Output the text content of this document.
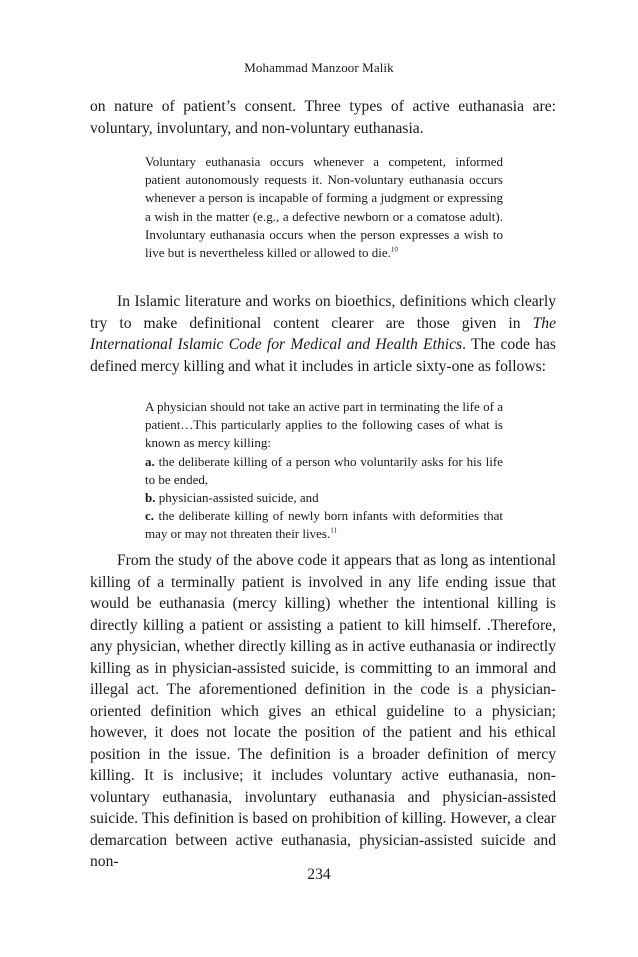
Mohammad Manzoor Malik

on nature of patient’s consent. Three types of active euthanasia are: voluntary, involuntary, and non-voluntary euthanasia.

Voluntary euthanasia occurs whenever a competent, informed patient autonomously requests it. Non-voluntary euthanasia occurs whenever a person is incapable of forming a judgment or expressing a wish in the matter (e.g., a defective newborn or a comatose adult). Involuntary euthanasia occurs when the person expresses a wish to live but is nevertheless killed or allowed to die.$^{10}$

In Islamic literature and works on bioethics, definitions which clearly try to make definitional content clearer are those given in The International Islamic Code for Medical and Health Ethics. The code has defined mercy killing and what it includes in article sixty-one as follows:

A physician should not take an active part in terminating the life of a patient…This particularly applies to the following cases of what is known as mercy killing:
a. the deliberate killing of a person who voluntarily asks for his life to be ended,
b. physician-assisted suicide, and
c. the deliberate killing of newly born infants with deformities that may or may not threaten their lives.$^{11}$

From the study of the above code it appears that as long as intentional killing of a terminally patient is involved in any life ending issue that would be euthanasia (mercy killing) whether the intentional killing is directly killing a patient or assisting a patient to kill himself. .Therefore, any physician, whether directly killing as in active euthanasia or indirectly killing as in physician-assisted suicide, is committing to an immoral and illegal act. The aforementioned definition in the code is a physician-oriented definition which gives an ethical guideline to a physician; however, it does not locate the position of the patient and his ethical position in the issue. The definition is a broader definition of mercy killing. It is inclusive; it includes voluntary active euthanasia, non-voluntary euthanasia, involuntary euthanasia and physician-assisted suicide. This definition is based on prohibition of killing. However, a clear demarcation between active euthanasia, physician-assisted suicide and non-

234
